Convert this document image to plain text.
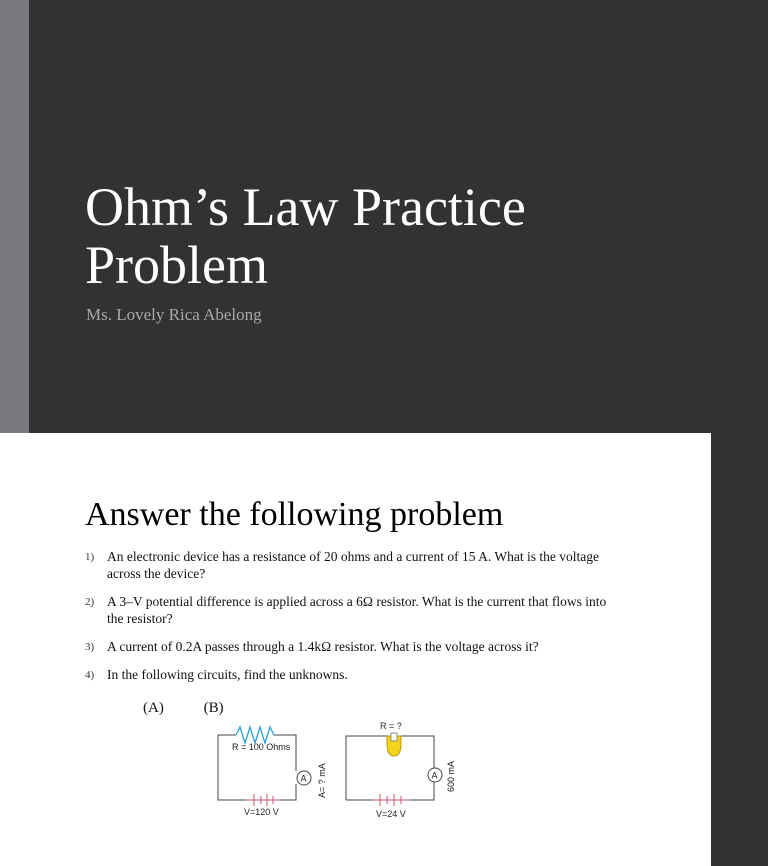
Ohm’s Law Practice Problem

Ms. Lovely Rica Abelong

Answer the following problem
1) An electronic device has a resistance of 20 ohms and a current of 15 A. What is the voltage across the device?
2) A 3–V potential difference is applied across a 6Ω resistor. What is the current that flows into the resistor?
3) A current of 0.2A passes through a 1.4kΩ resistor. What is the voltage across it?
4) In the following circuits, find the unknowns.
(A)	(B)
R = 100 Ohms
A A= ? mA
V=120 V
R = ?
A 600 mA
V=24 V
